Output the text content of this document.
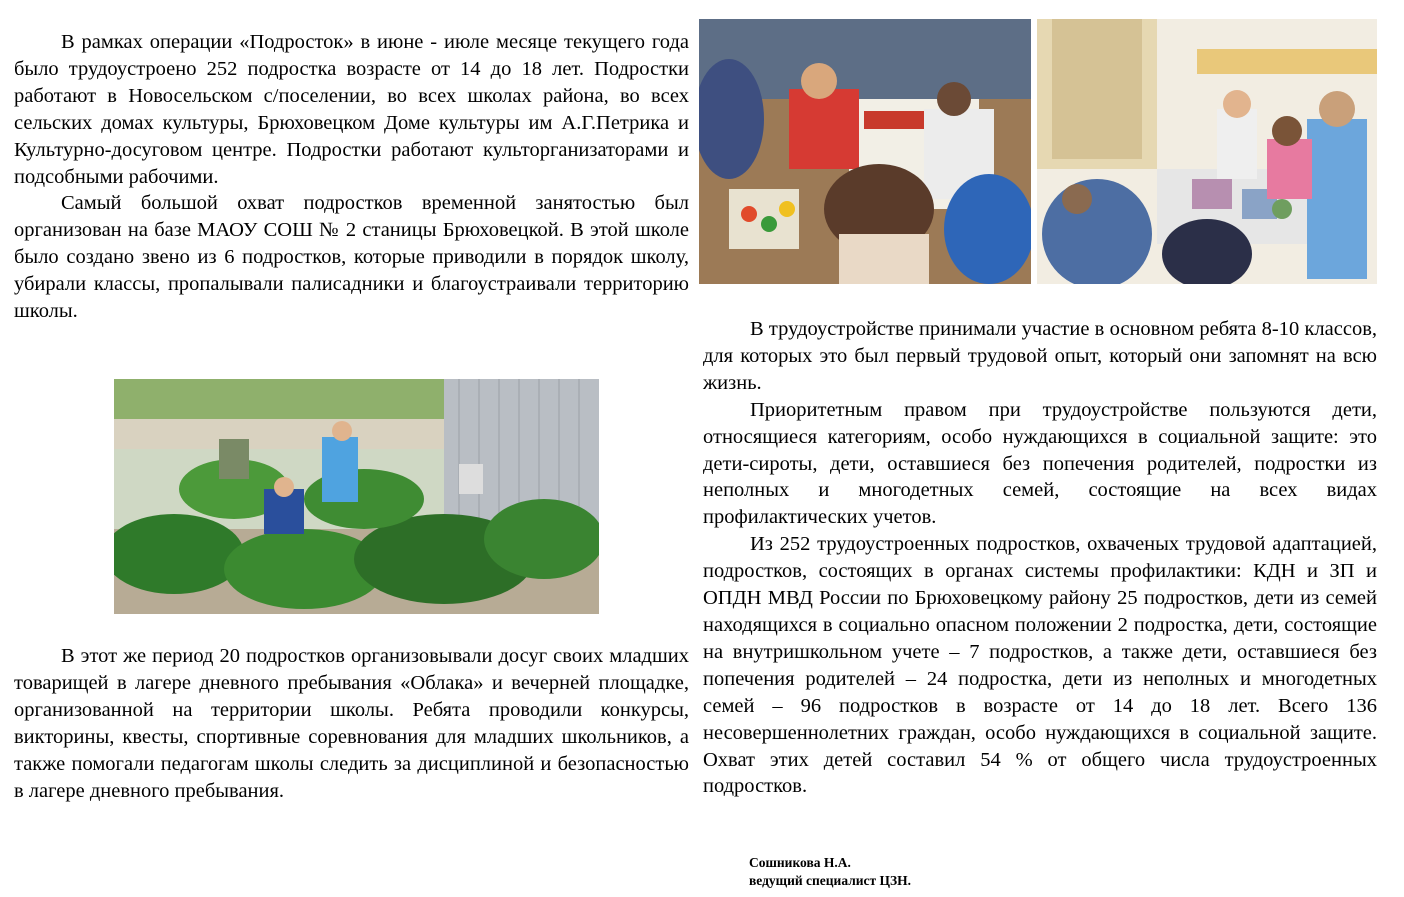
В рамках операции «Подросток» в июне - июле месяце текущего года было трудоустроено 252 подростка возрасте от 14 до 18 лет. Подростки работают в Новосельском с/поселении, во всех школах района, во всех сельских домах культуры, Брюховецком Доме культуры им А.Г.Петрика и Культурно-досуговом центре. Подростки работают культорганизаторами и подсобными рабочими.

Самый большой охват подростков временной занятостью был организован на базе МАОУ СОШ № 2 станицы Брюховецкой. В этой школе было создано звено из 6 подростков, которые приводили в порядок школу, убирали классы, пропалывали палисадники и благоустраивали территорию школы.

В этот же период 20 подростков организовывали досуг своих младших товарищей в лагере дневного пребывания «Облака» и вечерней площадке, организованной на территории школы. Ребята проводили конкурсы, викторины, квесты, спортивные соревнования для младших школьников, а также помогали педагогам школы следить за дисциплиной и безопасностью в лагере дневного пребывания.

В трудоустройстве принимали участие в основном ребята 8-10 классов, для которых это был первый трудовой опыт, который они запомнят на всю жизнь.

Приоритетным правом при трудоустройстве пользуются дети, относящиеся категориям, особо нуждающихся в социальной защите: это дети-сироты, дети, оставшиеся без попечения родителей, подростки из неполных и многодетных семей, состоящие на всех видах профилактических учетов.

Из 252 трудоустроенных подростков, охваченых трудовой адаптацией, подростков, состоящих в органах системы профилактики: КДН и ЗП и ОПДН МВД России по Брюховецкому району 25 подростков, дети из семей находящихся в социально опасном положении 2 подростка, дети, состоящие на внутришкольном учете – 7 подростков, а также дети, оставшиеся без попечения родителей – 24 подростка, дети из неполных и многодетных семей – 96 подростков в возрасте от 14 до 18 лет. Всего 136 несовершеннолетних граждан, особо нуждающихся в социальной защите. Охват этих детей составил 54 % от общего числа трудоустроенных подростков.

Сошникова Н.А.
ведущий специалист ЦЗН.
